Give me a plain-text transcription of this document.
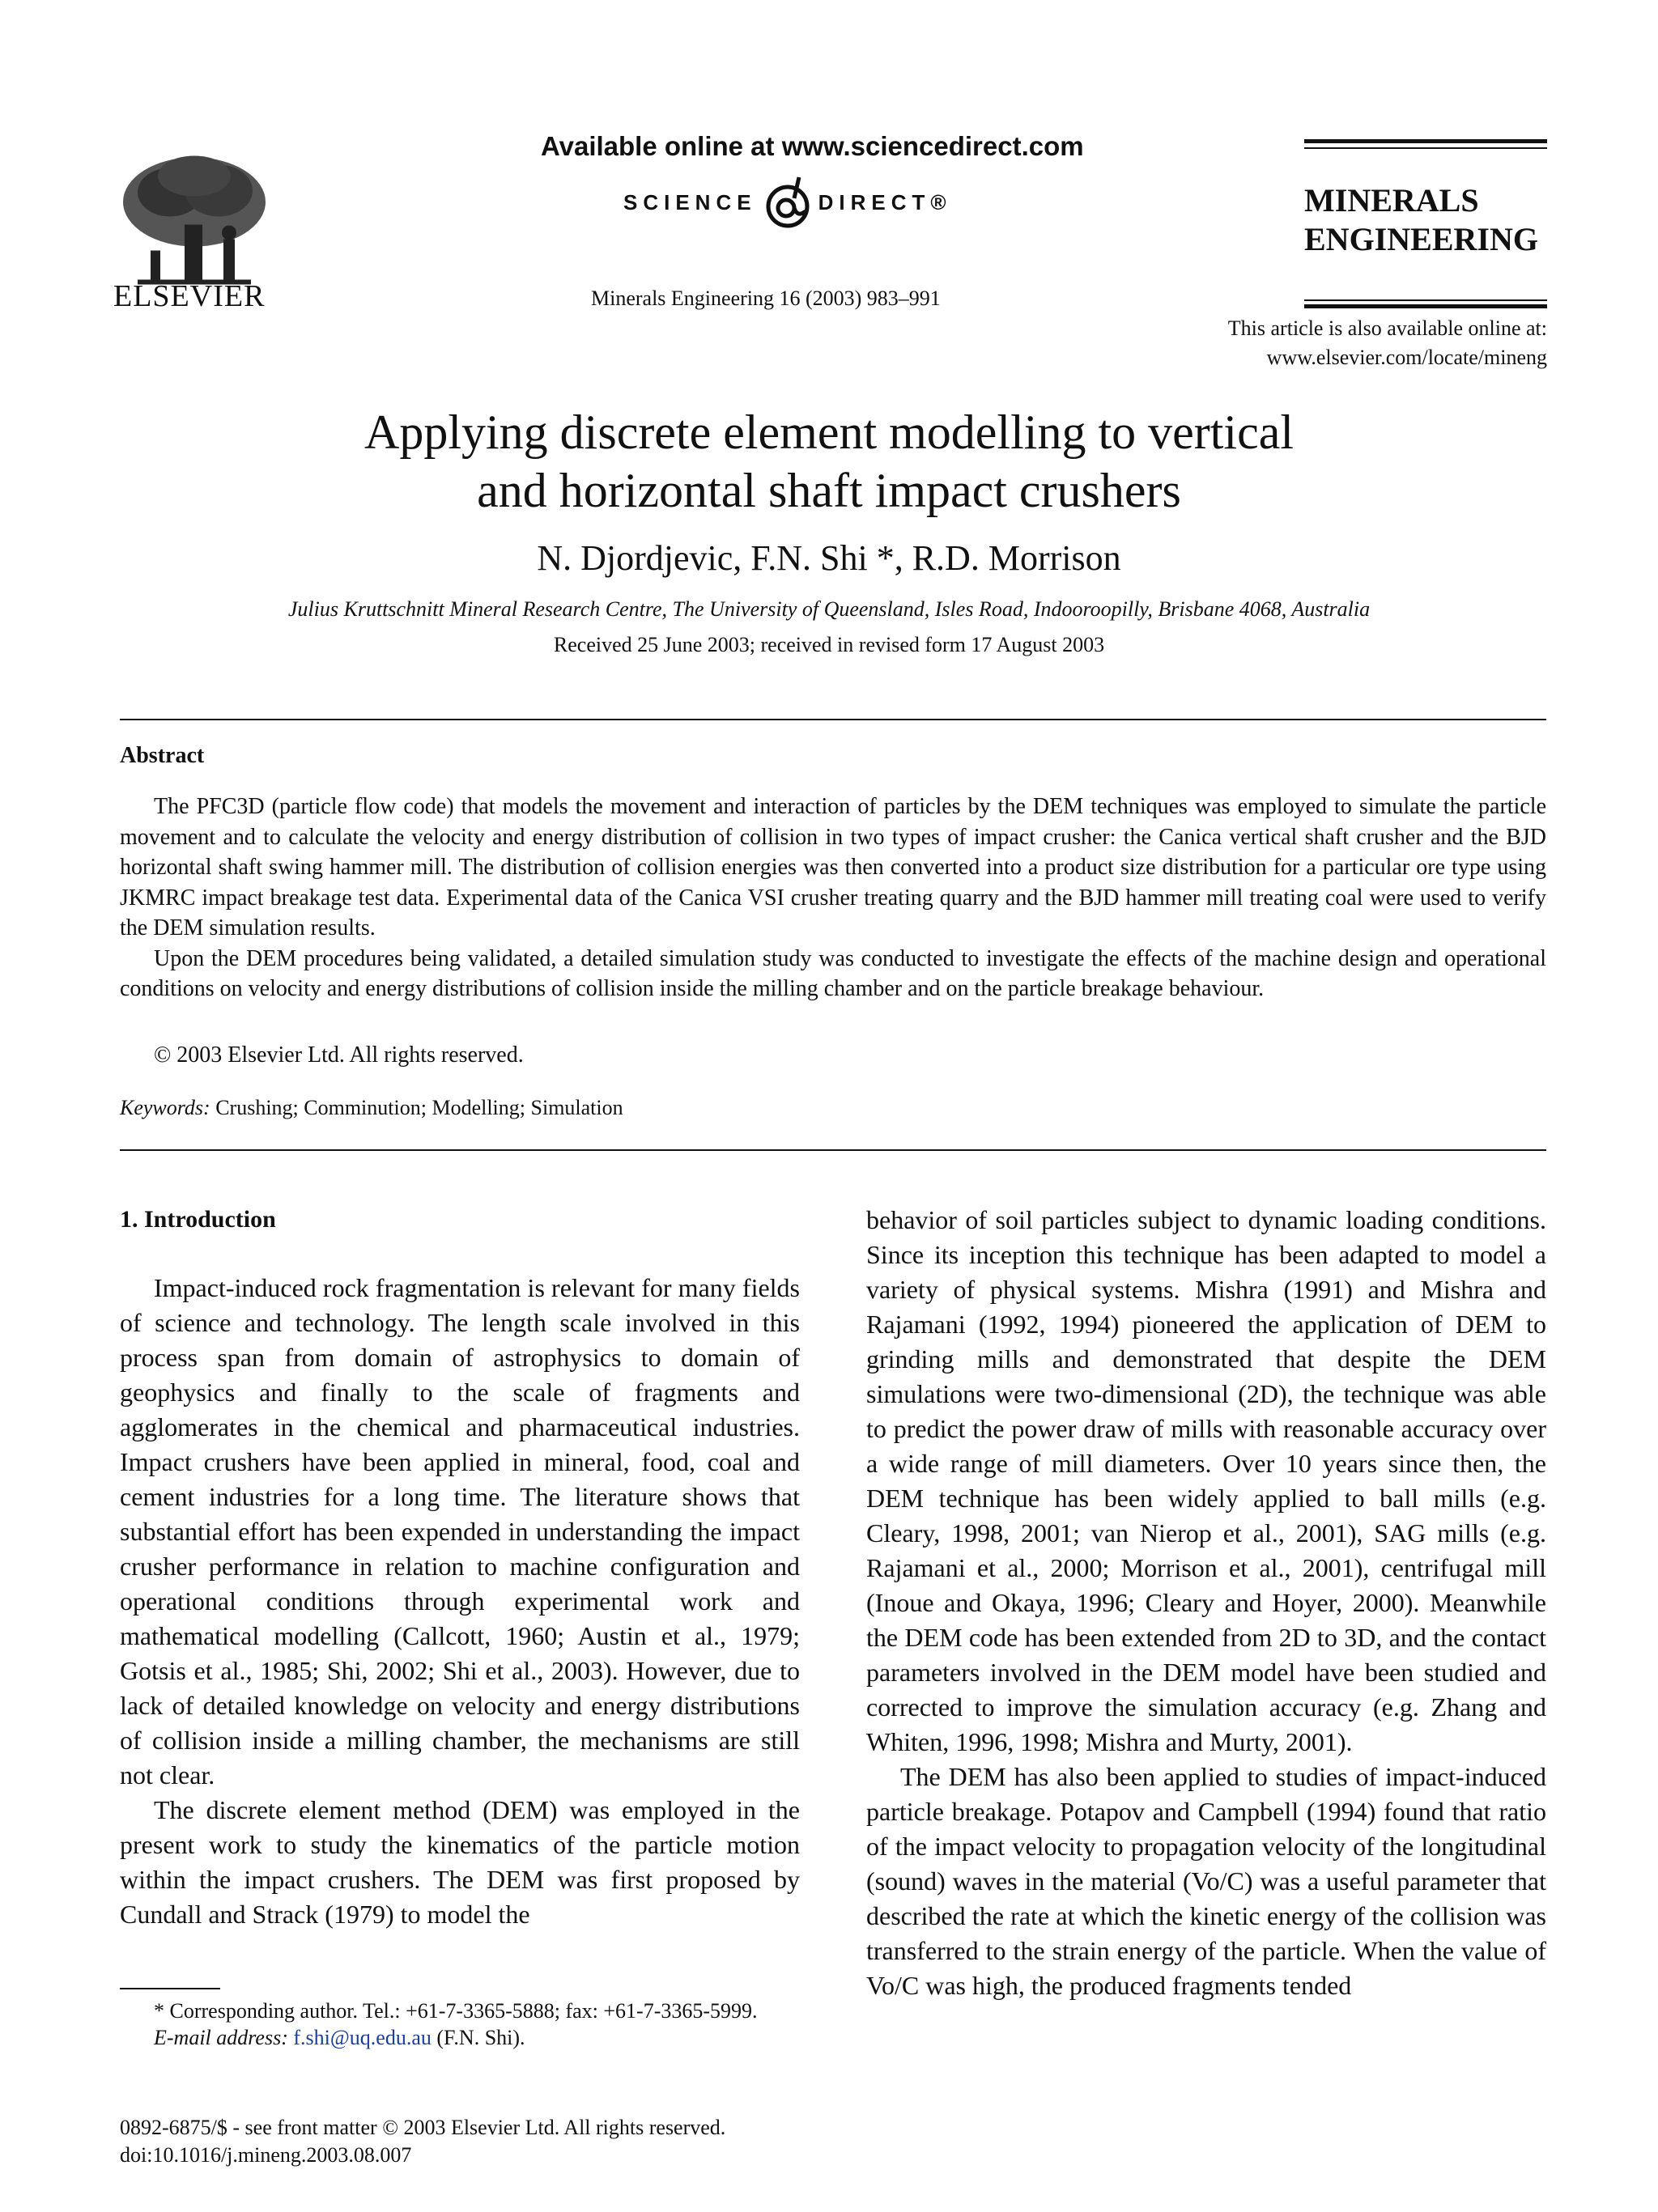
ELSEVIER
Available online at www.sciencedirect.com
SCIENCE	DIRECT®
Minerals Engineering 16 (2003) 983–991
MINERALS
ENGINEERING
This article is also available online at:
www.elsevier.com/locate/mineng
Applying discrete element modelling to vertical
and horizontal shaft impact crushers
N. Djordjevic, F.N. Shi *, R.D. Morrison
Julius Kruttschnitt Mineral Research Centre, The University of Queensland, Isles Road, Indooroopilly, Brisbane 4068, Australia
Received 25 June 2003; received in revised form 17 August 2003
Abstract

The PFC3D (particle flow code) that models the movement and interaction of particles by the DEM techniques was employed to simulate the particle movement and to calculate the velocity and energy distribution of collision in two types of impact crusher: the Canica vertical shaft crusher and the BJD horizontal shaft swing hammer mill. The distribution of collision energies was then converted into a product size distribution for a particular ore type using JKMRC impact breakage test data. Experimental data of the Canica VSI crusher treating quarry and the BJD hammer mill treating coal were used to verify the DEM simulation results.

Upon the DEM procedures being validated, a detailed simulation study was conducted to investigate the effects of the machine design and operational conditions on velocity and energy distributions of collision inside the milling chamber and on the particle breakage behaviour.

© 2003 Elsevier Ltd. All rights reserved.
Keywords: Crushing; Comminution; Modelling; Simulation
1. Introduction

Impact-induced rock fragmentation is relevant for many fields of science and technology. The length scale involved in this process span from domain of astrophysics to domain of geophysics and finally to the scale of fragments and agglomerates in the chemical and pharmaceutical industries. Impact crushers have been applied in mineral, food, coal and cement industries for a long time. The literature shows that substantial effort has been expended in understanding the impact crusher performance in relation to machine configuration and operational conditions through experimental work and mathematical modelling (Callcott, 1960; Austin et al., 1979; Gotsis et al., 1985; Shi, 2002; Shi et al., 2003). However, due to lack of detailed knowledge on velocity and energy distributions of collision inside a milling chamber, the mechanisms are still not clear.

The discrete element method (DEM) was employed in the present work to study the kinematics of the particle motion within the impact crushers. The DEM was first proposed by Cundall and Strack (1979) to model the

behavior of soil particles subject to dynamic loading conditions. Since its inception this technique has been adapted to model a variety of physical systems. Mishra (1991) and Mishra and Rajamani (1992, 1994) pioneered the application of DEM to grinding mills and demonstrated that despite the DEM simulations were two-dimensional (2D), the technique was able to predict the power draw of mills with reasonable accuracy over a wide range of mill diameters. Over 10 years since then, the DEM technique has been widely applied to ball mills (e.g. Cleary, 1998, 2001; van Nierop et al., 2001), SAG mills (e.g. Rajamani et al., 2000; Morrison et al., 2001), centrifugal mill (Inoue and Okaya, 1996; Cleary and Hoyer, 2000). Meanwhile the DEM code has been extended from 2D to 3D, and the contact parameters involved in the DEM model have been studied and corrected to improve the simulation accuracy (e.g. Zhang and Whiten, 1996, 1998; Mishra and Murty, 2001).

The DEM has also been applied to studies of impact-induced particle breakage. Potapov and Campbell (1994) found that ratio of the impact velocity to propagation velocity of the longitudinal (sound) waves in the material (Vo/C) was a useful parameter that described the rate at which the kinetic energy of the collision was transferred to the strain energy of the particle. When the value of Vo/C was high, the produced fragments tended

* Corresponding author. Tel.: +61-7-3365-5888; fax: +61-7-3365-5999.
E-mail address: f.shi@uq.edu.au (F.N. Shi).
0892-6875/$ - see front matter © 2003 Elsevier Ltd. All rights reserved.
doi:10.1016/j.mineng.2003.08.007
